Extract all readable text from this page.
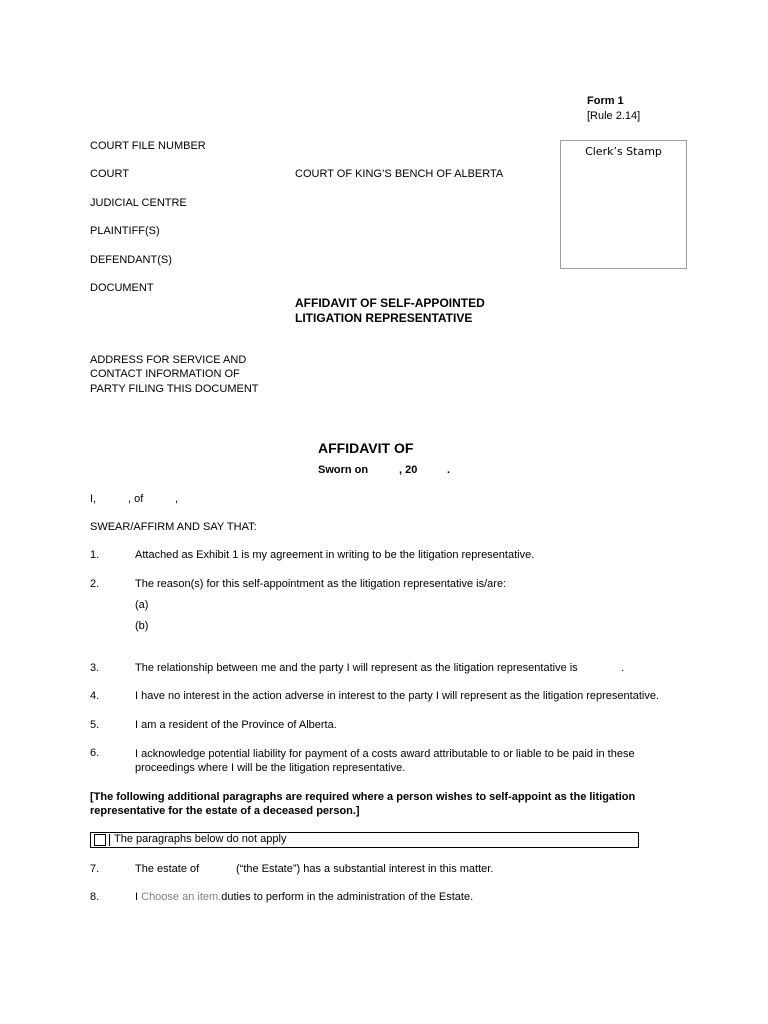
Form 1
[Rule 2.14]
Clerk’s Stamp
COURT FILE NUMBER
COURT	COURT OF KING’S BENCH OF ALBERTA
JUDICIAL CENTRE
PLAINTIFF(S)
DEFENDANT(S)
DOCUMENT
AFFIDAVIT OF SELF-APPOINTED
LITIGATION REPRESENTATIVE
ADDRESS FOR SERVICE AND
CONTACT INFORMATION OF
PARTY FILING THIS DOCUMENT
AFFIDAVIT OF
Sworn on	, 20	.
I,	, of	,
SWEAR/AFFIRM AND SAY THAT:
1.	Attached as Exhibit 1 is my agreement in writing to be the litigation representative.
2.	The reason(s) for this self-appointment as the litigation representative is/are:
(a)
(b)
3.	The relationship between me and the party I will represent as the litigation representative is	.
4.	I have no interest in the action adverse in interest to the party I will represent as the litigation representative.
5.	I am a resident of the Province of Alberta.
6.	I acknowledge potential liability for payment of a costs award attributable to or liable to be paid in these proceedings where I will be the litigation representative.
[The following additional paragraphs are required where a person wishes to self-appoint as the litigation representative for the estate of a deceased person.]
The paragraphs below do not apply
7.	The estate of	(“the Estate”) has a substantial interest in this matter.
8.	I Choose an item.duties to perform in the administration of the Estate.
